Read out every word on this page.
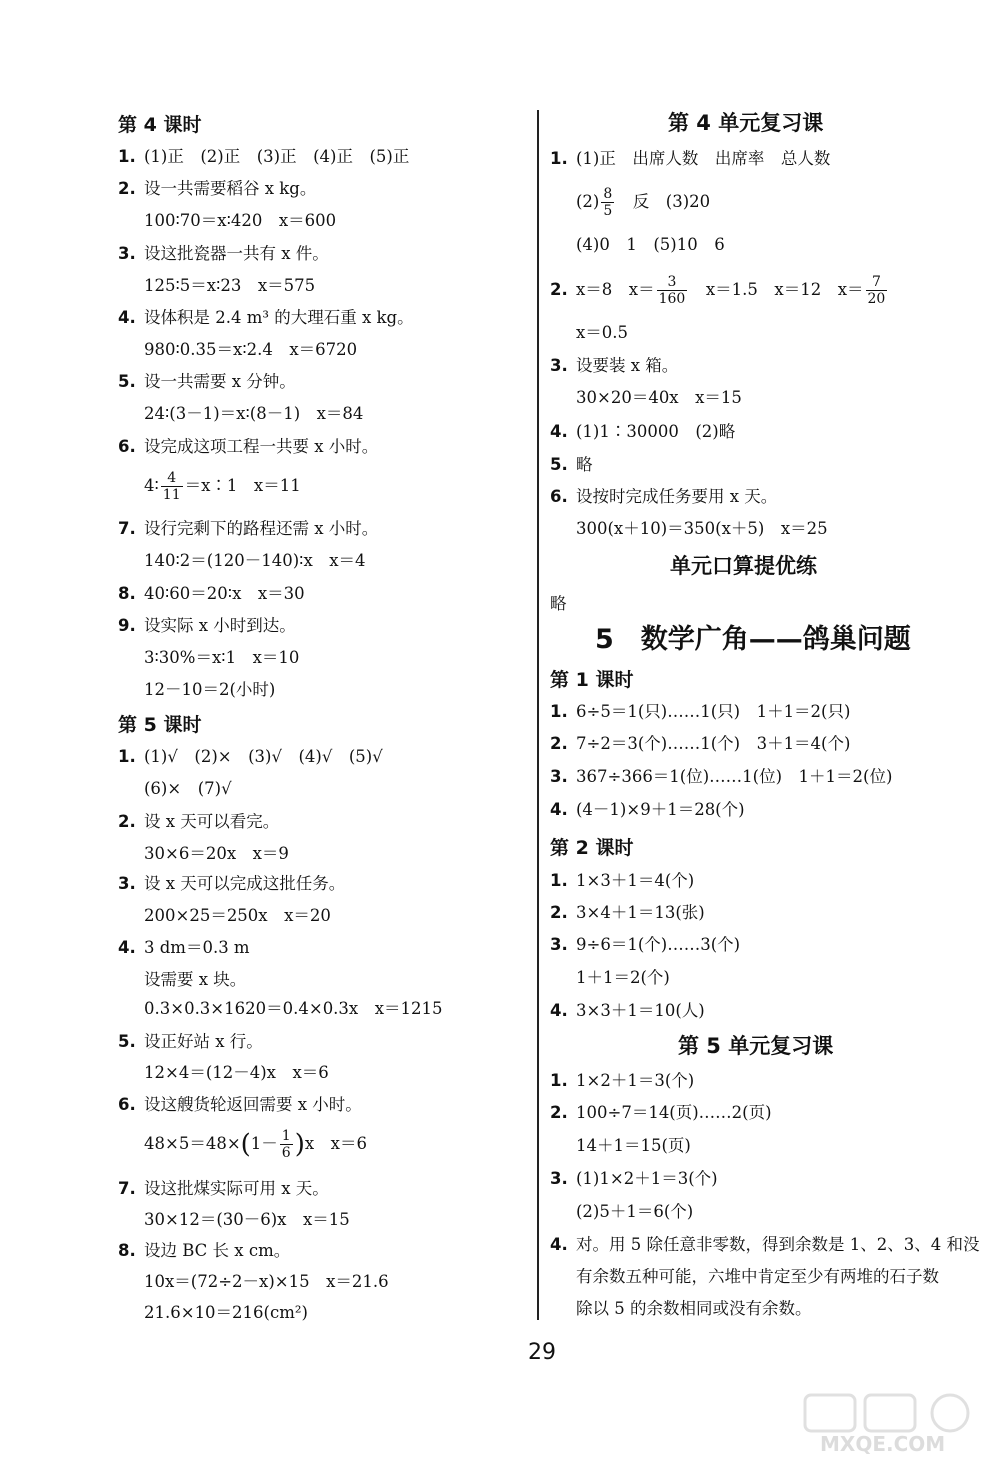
第 4 课时
1. (1)正　(2)正　(3)正　(4)正　(5)正
2. 设一共需要稻谷 x kg。
100∶70＝x∶420　x＝600
3. 设这批瓷器一共有 x 件。
125∶5＝x∶23　x＝575
4. 设体积是 2.4 m³ 的大理石重 x kg。
980∶0.35＝x∶2.4　x＝6720
5. 设一共需要 x 分钟。
24∶(3－1)＝x∶(8－1)　x＝84
6. 设完成这项工程一共要 x 小时。
4∶ $\frac{4}{11}$ ＝x∶1　x＝11
7. 设行完剩下的路程还需 x 小时。
140∶2＝(120－140)∶x　x＝4
8. 40∶60＝20∶x　x＝30
9. 设实际 x 小时到达。
3∶30%＝x∶1　x＝10
12－10＝2(小时)
第 5 课时
1. (1)√　(2)×　(3)√　(4)√　(5)√
(6)×　(7)√
2. 设 x 天可以看完。
30×6＝20x　x＝9
3. 设 x 天可以完成这批任务。
200×25＝250x　x＝20
4. 3 dm＝0.3 m
设需要 x 块。
0.3×0.3×1620＝0.4×0.3x　x＝1215
5. 设正好站 x 行。
12×4＝(12－4)x　x＝6
6. 设这艘货轮返回需要 x 小时。
$48\times 5=48\times(1- \frac{1}{6} )x$　x＝6
7. 设这批煤实际可用 x 天。
30×12＝(30－6)x　x＝15
8. 设边 BC 长 x cm。
10x＝(72÷2－x)×15　x＝21.6
21.6×10＝216(cm²)
第 4 单元复习课
1. (1)正　出席人数　出席率　总人数
$(2) \frac{8}{5}$ 　反　(3)20
(4)0　1　(5)10　6
2. x＝8　$x= \frac{3}{160}$ 　x＝1.5　x＝12　$x= \frac{7}{20}$
x＝0.5
3. 设要装 x 箱。
30×20＝40x　x＝15
4. (1)1∶30000　(2)略
5. 略
6. 设按时完成任务要用 x 天。
300(x＋10)＝350(x＋5)　x＝25
单元口算提优练
略
5　数学广角——鸽巢问题
第 1 课时
1. 6÷5＝1(只)……1(只)　1＋1＝2(只)
2. 7÷2＝3(个)……1(个)　3＋1＝4(个)
3. 367÷366＝1(位)……1(位)　1＋1＝2(位)
4. (4－1)×9＋1＝28(个)
第 2 课时
1. 1×3＋1＝4(个)
2. 3×4＋1＝13(张)
3. 9÷6＝1(个)……3(个)
1＋1＝2(个)
4. 3×3＋1＝10(人)
第 5 单元复习课
1. 1×2＋1＝3(个)
2. 100÷7＝14(页)……2(页)
14＋1＝15(页)
3. (1)1×2＋1＝3(个)
(2)5＋1＝6(个)
4. 对。用 5 除任意非零数，得到余数是 1、2、3、4 和没
有余数五种可能，六堆中肯定至少有两堆的石子数
除以 5 的余数相同或没有余数。
29
MXQE.COM
